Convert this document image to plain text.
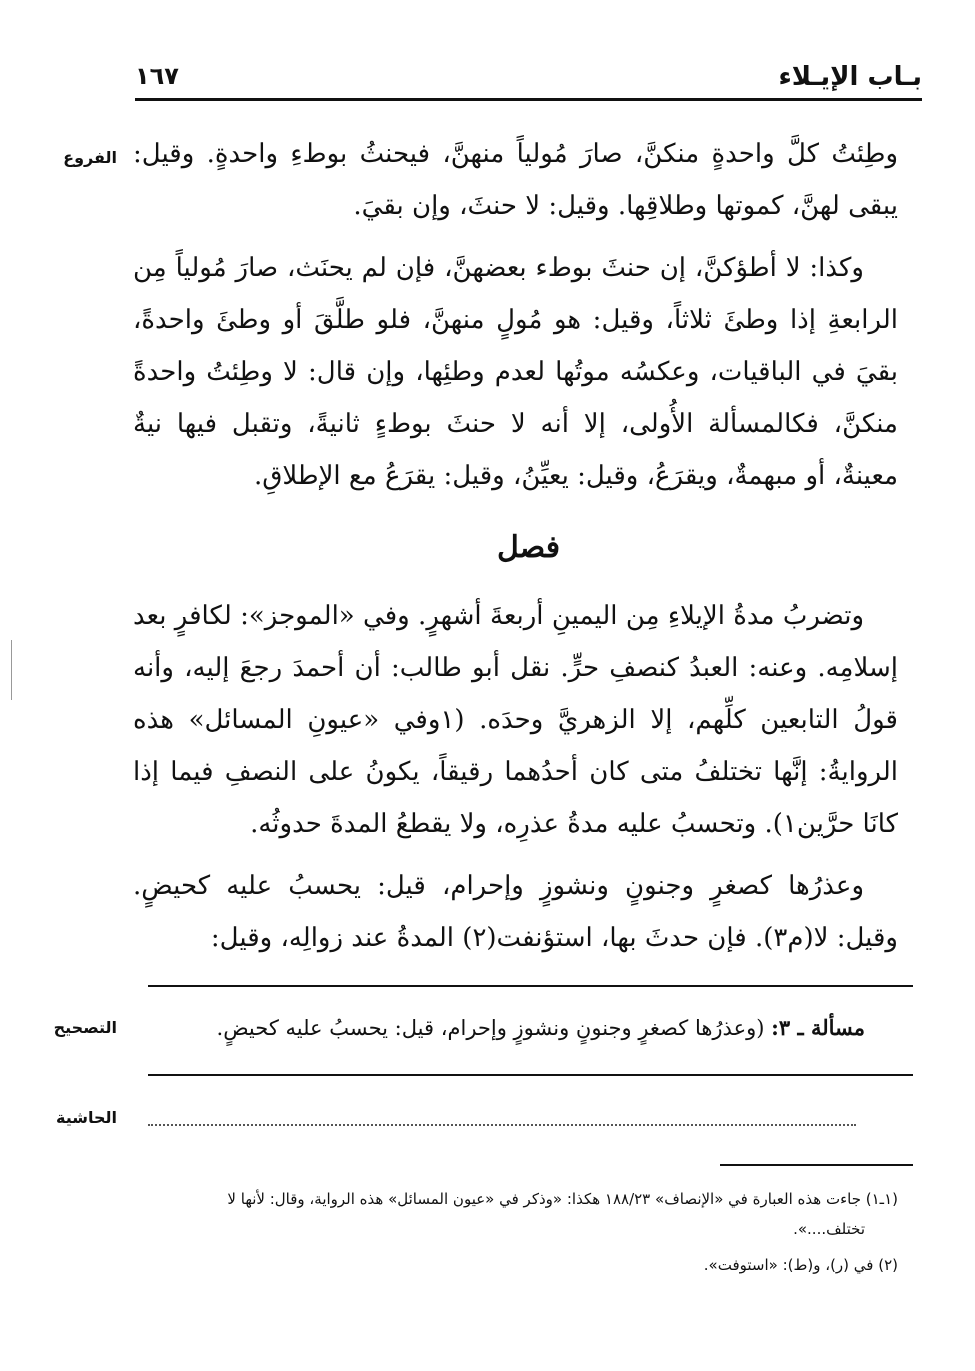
بـاب الإيـلاء
١٦٧
الفروع وطِئتُ كلَّ واحدةٍ منكنَّ، صارَ مُولياً منهنَّ، فيحنثُ بوطءِ واحدةٍ. وقيل: يبقى لهنَّ، كموتها وطلاقِها. وقيل: لا حنثَ، وإن بقيَ.

وكذا: لا أطؤكنَّ، إن حنثَ بوطء بعضهنَّ، فإن لم يحنَث، صارَ مُولياً مِن الرابعةِ إذا وطئَ ثلاثاً، وقيل: هو مُولٍ منهنَّ، فلو طلَّقَ أو وطئَ واحدةً، بقيَ في الباقيات، وعكسُه موتُها لعدم وطئِها، وإن قال: لا وطِئتُ واحدةً منكنَّ، فكالمسألة الأُولى، إلا أنه لا حنثَ بوطءٍ ثانيةً، وتقبل فيها نيةٌ معينةٌ، أو مبهمةٌ، ويقرَعُ، وقيل: يعيِّنُ، وقيل: يقرَعُ مع الإطلاقِ.

فصل

وتضربُ مدةُ الإيلاءِ مِن اليمينِ أربعةَ أشهرٍ. وفي «الموجز»: لكافرٍ بعد إسلامِه. وعنه: العبدُ كنصفِ حرٍّ. نقل أبو طالب: أن أحمدَ رجعَ إليه، وأنه قولُ التابعين كلِّهم، إلا الزهريَّ وحدَه. (١وفي «عيونِ المسائل» هذه الروايةُ: إنَّها تختلفُ متى كان أحدُهما رقيقاً، يكونُ على النصفِ فيما إذا كانَا حرَّين١). وتحسبُ عليه مدةُ عذرِه، ولا يقطعُ المدةَ حدوثُه.

وعذرُها كصغرٍ وجنونٍ ونشوزٍ وإحرام، قيل: يحسبُ عليه كحيضٍ. وقيل: لا(م٣). فإن حدثَ بها، استؤنفت(٢) المدةُ عند زوالِه، وقيل:

التصحيح	مسألة ـ ٣: (وعذرُها كصغرٍ وجنونٍ ونشوزٍ وإحرام، قيل: يحسبُ عليه كحيضٍ.
الحاشية
(١ـ١) جاءت هذه العبارة في «الإنصاف» ١٨٨/٢٣ هكذا: «وذكر في «عيون المسائل» هذه الرواية، وقال: لأنها لا
تختلف....».
(٢) في (ر)، و(ط): «استوفت».
